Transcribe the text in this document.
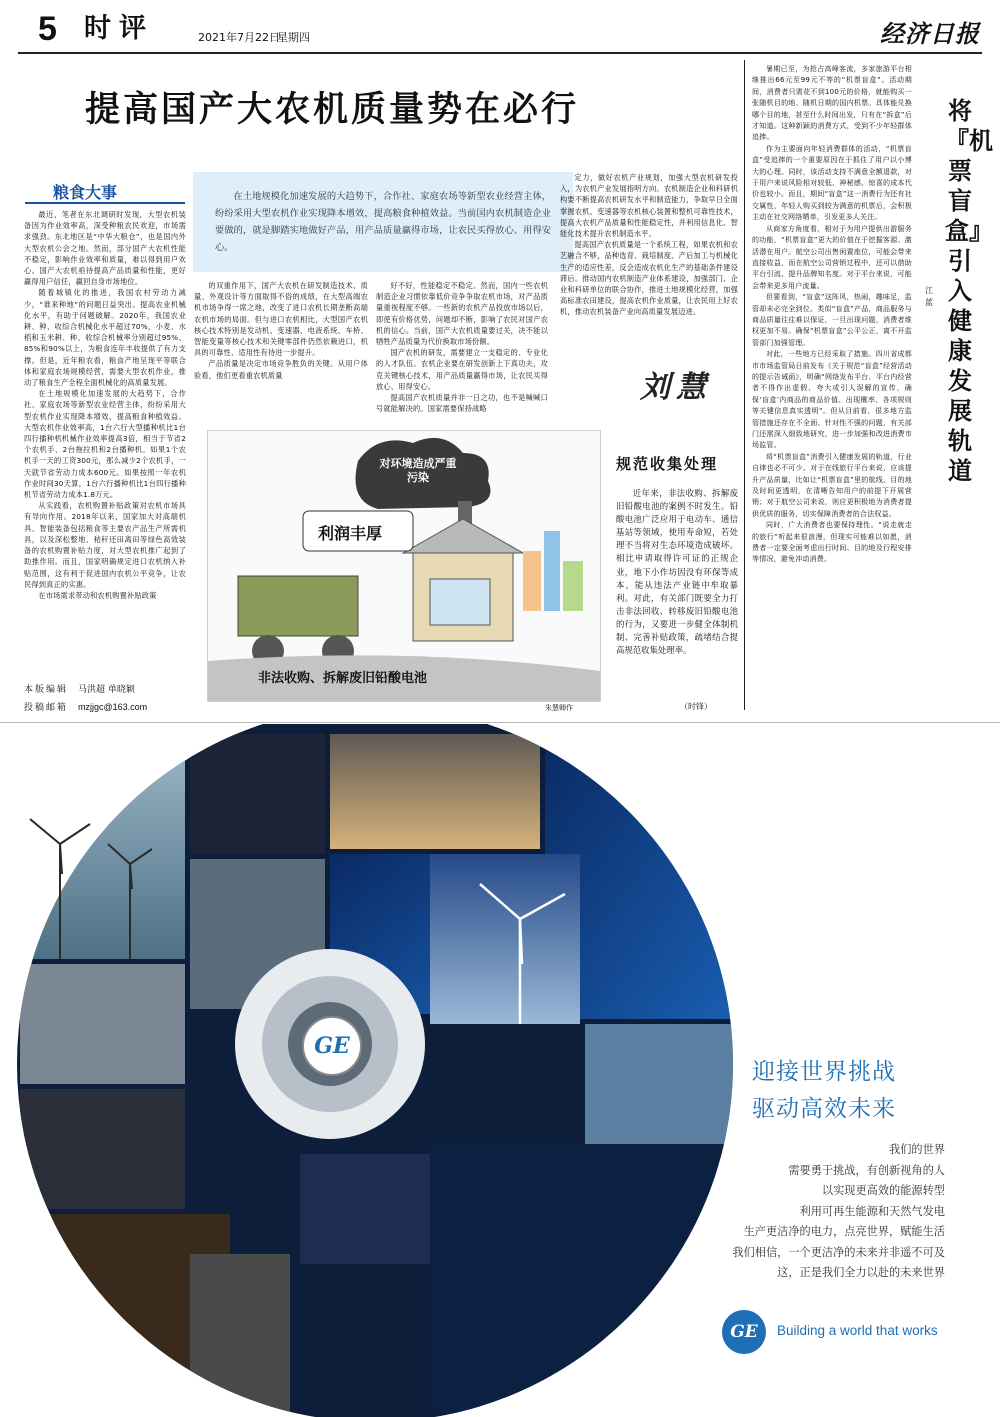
5 时评	2021年7月22日
星期四	经济日报
提高国产大农机质量势在必行
粮食大事	在土地规模化加速发展的大趋势下，合作社、家庭农场等新型农业经营主体，纷纷采用大型农机作业实现降本增效，提高粮食种植效益。当前国内农机制造企业要做的，就是脚踏实地做好产品，用产品质量赢得市场，让农民买得放心、用得安心。

最近，笔者在东北调研时发现，大型农机装备因为作业效率高，深受种粮农民欢迎，市场需求强劲。东北地区是“中华大粮仓”，也是国内外大型农机公会之地。然而，部分国产大农机性能不稳定，影响作业效率和质量，难以得到用户欢心。国产大农机亟待提高产品质量和性能，更好赢得用户信任，赢回自身市场地位。

随着城镇化的推进，我国农村劳动力减少，“谁来种地”的问题日益突出。提高农业机械化水平，有助于问题破解。2020年，我国农业耕、种、收综合机械化水平超过70%，小麦、水稻和玉米耕、种、收综合机械率分别超过95%、85%和90%以上，为粮食连年丰收提供了有力支撑。但是，近年粮农看，粮食产地呈现平等联合体和家庭农场规模经营，需要大型农机作业，推动了粮食生产全程全面机械化的高质量发展。

在土地规模化加速发展的大趋势下，合作社、家庭农场等新型农业经营主体，纷纷采用大型农机作业实现降本增效，提高粮食种植效益。大型农机作业效率高，1台六行大型播种机比1台四行播种机机械作业效率提高3倍，相当于节省2个农机手、2台拖拉机和2台播种机。如果1个农机手一天的工资300元，那么减少2个农机手，一天就节省劳动力成本600元。如果按照一年农机作业时间30天算，1台六行播种机比1台四行播种机节省劳动力成本1.8万元。

从实践看，农机购置补贴政策对农机市场具有导向作用。2018年以来，国家加大对高端机具、智能装备包括粮食等主要农产品生产所需机具，以及深松整地、秸秆还田离田等绿色高效装备的农机购置补贴力度，对大型农机推广起到了助推作用。而且，国家明确规定进口农机纳入补贴范围，这有利于促进国内农机公平竞争，让农民得到真正的实惠。

在市场需求带动和农机购置补贴政策

的双重作用下，国产大农机在研发制造技术、质量、外观设计等方面取得不俗的成绩，在大型高端农机市场争得一席之地，改变了进口农机长期垄断高端农机市场的局面。但与进口农机相比，大型国产农机核心技术特别是发动机、变速器、电液系统、车桥、智能变量等核心技术和关键零部件仍然依赖进口，机具的可靠性、适用性有待进一步提升。

产品质量是决定市场竞争胜负的关键。从用户体验看，他们更看重农机质量

好不好，性能稳定不稳定。然而，国内一些农机制造企业习惯依靠低价竞争争取农机市场，对产品质量重视程度不够。一些新的农机产品投放市场以后，即使有价格优势，问题却不断，影响了农民对国产农机的信心。当前，国产大农机质量要过关，决不能以牺牲产品质量为代价换取市场份额。

国产农机的研发，需要建立一支稳定的、专业化的人才队伍。农机企业要在研发创新上下真功夫，攻克关键核心技术，用产品质量赢得市场，让农民买得放心、用得安心。

提高国产农机质量并非一日之功，也不是喊喊口号就能解决的。国家需要保持战略

定力，做好农机产业规划，加强大型农机研发投入，为农机产业发展指明方向。农机制造企业和科研机构要不断提高农机研发水平和制造能力，争取早日全面掌握农机、变速器等农机核心装置和整机可靠性技术，提高大农机产品质量和性能稳定性，并利用信息化、智能化技术提升农机制造水平。

提高国产农机质量是一个系统工程，如果农机和农艺融合不够，品种选育、栽培制度、产后加工与机械化生产的适应性差，反会造成农机化生产的基础条件建设滞后。推动国内农机制造产业体系建设，加强部门、企业和科研单位的联合协作，推进土地规模化经营，加强高标准农田建设，提高农机作业质量，让农民用上好农机，推动农机装备产业向高质量发展迈进。

刘慧
对环境造成严重污染
利润丰厚
非法收购、拆解废旧铅酸电池
规范收集处理
近年来，非法收购、拆解废旧铅酸电池的案例不时发生。铅酸电池广泛应用于电动车、通信基站等领域，使用寿命短，若处理不当将对生态环境造成破坏。相比申请取得许可证的正规企业，地下小作坊因没有环保等成本，能从违法产业链中牟取暴利。对此，有关部门既要全力打击非法回收、转移废旧铅酸电池的行为，又要进一步健全体制机制、完善补贴政策，疏堵结合提高规范收集处理率。
（时锋）
朱慧卿作
本版编辑 马洪超 单晓颖
投稿邮箱 mzjjgc@163.com

暑期已至，为抢占高峰客流，多家旅游平台相继推出66元至99元不等的“机票盲盒”。活动期间，消费者只需花不到100元的价格，就能购买一张随机目的地、随机日期的国内机票。具体能兑换哪个目的地，甚至什么时间出发，只有在“拆盒”后才知道。这种新颖的消费方式，受到不少年轻群体追捧。

作为主要面向年轻消费群体的活动，“机票盲盒”受追捧的一个重要原因在于抓住了用户以小博大的心理。同时，该活动支持不满意全额退款，对于用户来说风险相对较低、神秘感、惊喜的成本代价也较小。而且，期间“盲盒”这一消费行为还有社交属性，年轻人购买到较为满意的机票后，会积极主动在社交网络晒单，引发更多人关注。

从商家方角度看，相对于为用户提供出游服务的功能，“机票盲盒”更大的价值在于挖掘客源、激活潜在用户。航空公司出售闲置座位，可能会带来直接收益，而在航空公司营销过程中，还可以借助平台引流、提升品牌知名度。对于平台来说，可能会带来更多用户流量。

但要看到，“盲盒”这阵风，热闹，趣味足，监管却未必完全到位。类似“盲盒”产品，商品服务与商品质量往往难以保证，一旦出现问题，消费者维权更加不易。确保“机票盲盒”公平公正，离不开监管部门加强管理。

对此，一些地方已经采取了措施。四川省成都市市场监管局日前发布《关于规范“盲盒”经营活动的提示告诫函》，明确“网络发布平台、平台内经营者不得作出虚假、夸大或引人误解的宣传，确保‘盲盒’内商品的商品价值、出现概率、各项规则等关键信息真实透明”。但从目前看，很多地方监管措施还存在不全面、针对性不强的问题，有关部门还需深入细致地研究，进一步加强和改进消费市场监管。

将“机票盲盒”消费引入健康发展的轨道，行业自律也必不可少。对于在线旅行平台来说，应该提升产品质量，比如让“机票盲盒”里的航线、目的地及时间更透明，在清晰告知用户的前提下开展营销；对于航空公司来说，则应更积极地为消费者提供优质的服务，切实保障消费者的合法权益。

同时，广大消费者也要保持理性。“说走就走的旅行”听起来很浪漫，但现实可能难以如愿，消费者一定要全面考虑出行时间、目的地及行程安排等情况，避免冲动消费。

将『机票盲盒』引入健康发展轨道
江蓝
GE
迎接世界挑战
驱动高效未来
我们的世界
需要勇于挑战，有创新视角的人
以实现更高效的能源转型
利用可再生能源和天然气发电
生产更洁净的电力，点亮世界，赋能生活
我们相信，一个更洁净的未来并非遥不可及
这，正是我们全力以赴的未来世界
GE	Building a world that works
